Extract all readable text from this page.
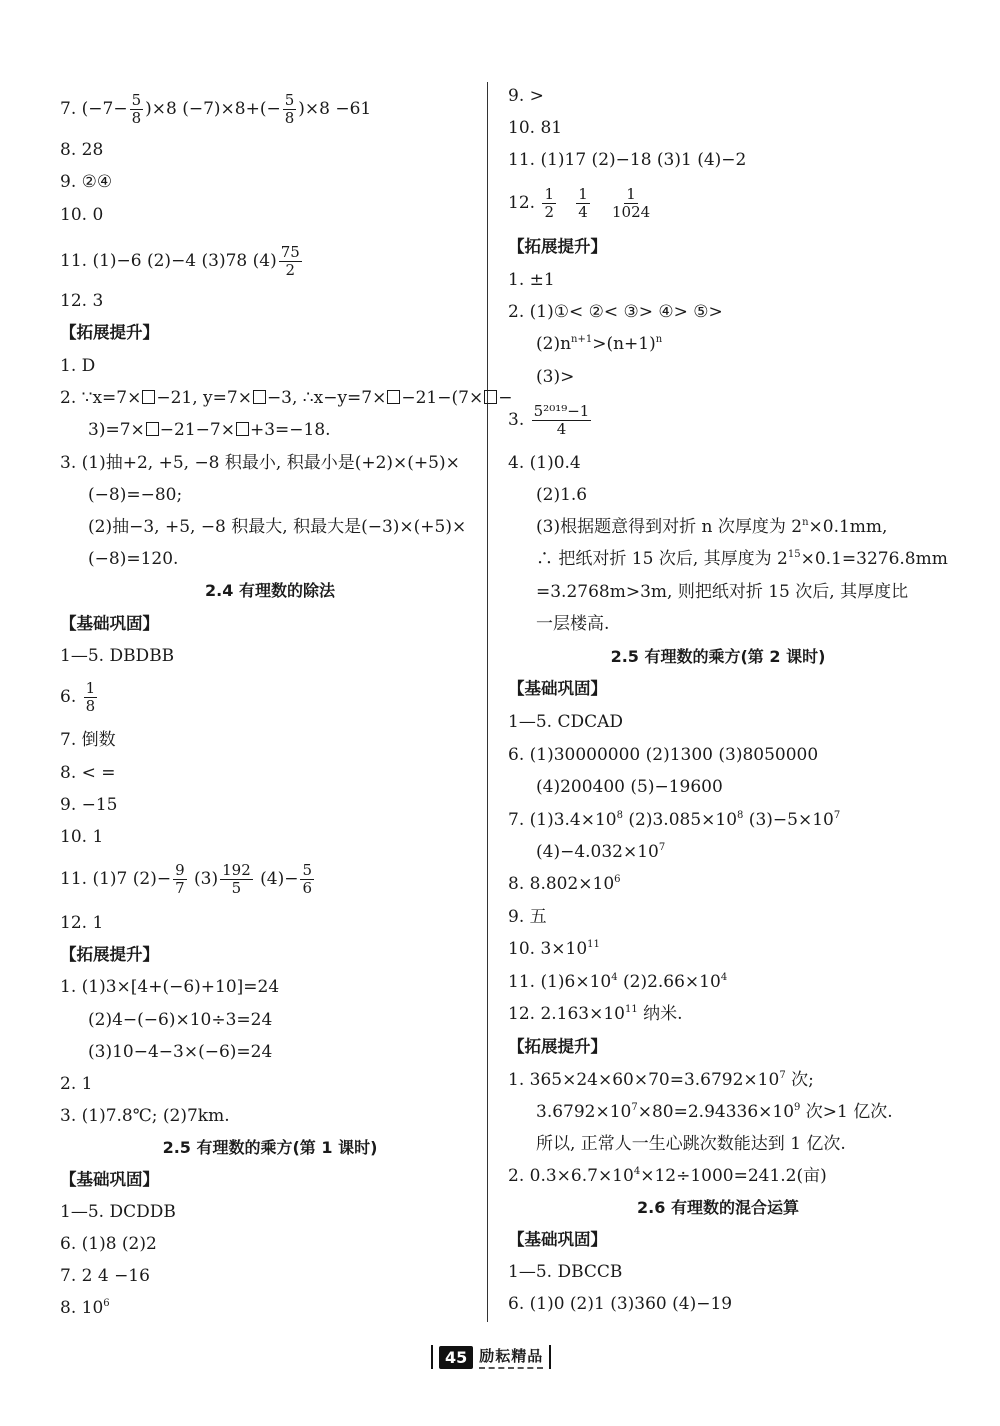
7. $(-7- \frac{5}{8} )\times 8$ $(-7)\times 8+(- \frac{5}{8} )\times 8 -61$
8. 28
9. ②④
10. 0
11. (1)−6 (2)−4 (3)78 $(4) \frac{75}{2}$
12. 3
【拓展提升】
1. D
2. ∵x=7× −21, y=7× −3, ∴x−y=7× −21−(7× −
3)=7× −21−7× +3=−18.
3. (1)抽+2, +5, −8 积最小, 积最小是(+2)×(+5)×
(−8)=−80;
(2)抽−3, +5, −8 积最大, 积最大是(−3)×(+5)×
(−8)=120.
2.4 有理数的除法
【基础巩固】
1—5. DBDBB
6. $\frac{1}{8}$
7. 倒数
8. < =
9. −15
10. 1
11. (1)7 $(2)- \frac{9}{7} (3) \frac{192}{5} (4)- \frac{5}{6}$
12. 1
【拓展提升】
1. (1)3×[4+(−6)+10]=24
(2)4−(−6)×10÷3=24
(3)10−4−3×(−6)=24
2. 1
3. (1)7.8℃; (2)7km.
2.5 有理数的乘方(第 1 课时)
【基础巩固】
1—5. DCDDB
6. (1)8 (2)2
7. 2 4 −16
8. $10^6$
9. >
10. 81
11. (1)17 (2)−18 (3)1 (4)−2
12. $\frac{1}{2}$
$\frac{1}{4}$
$\frac{1}{1024}$
【拓展提升】
1. ±1
2. (1)①< ②< ③> ④> ⑤>
$(2)n^{n+1}>(n+1)^n$
(3)>
3. $\frac{\text{5²⁰¹⁹−1}}{4}$
4. (1)0.4
(2)1.6
(3)根据题意得到对折 n 次厚度为 $2^n\times 0.1mm$,
∴ 把纸对折 15 次后, 其厚度为 $2^{15}\times 0.1=3276.8mm$
=3.2768m>3m, 则把纸对折 15 次后, 其厚度比
一层楼高.
2.5 有理数的乘方(第 2 课时)
【基础巩固】
1—5. CDCAD
6. (1)30000000 (2)1300 (3)8050000
(4)200400 (5)−19600
7. $(1)3.4\times 10^8$ $(2)3.085\times 10^8$ $(3)-5\times 10^7$
$(4)-4.032\times 10^7$
8. $8.802\times 10^6$
9. 五
10. $3\times 10^{11}$
11. $(1)6\times 10^4$ $(2)2.66\times 10^4$
12. $2.163\times 10^{11}$ 纳米.
【拓展提升】
1. $365\times 24\times 60\times 70=3.6792\times 10^7$ 次;
$3.6792\times 10^7\times 80=2.94336\times 10^9$ 次>1 亿次.
所以, 正常人一生心跳次数能达到 1 亿次.
2. $0.3\times 6.7\times 10^4\times 12\div 1000=241.2$(亩)
2.6 有理数的混合运算
【基础巩固】
1—5. DBCCB
6. (1)0 (2)1 (3)360 (4)−19
45 励耘精品
